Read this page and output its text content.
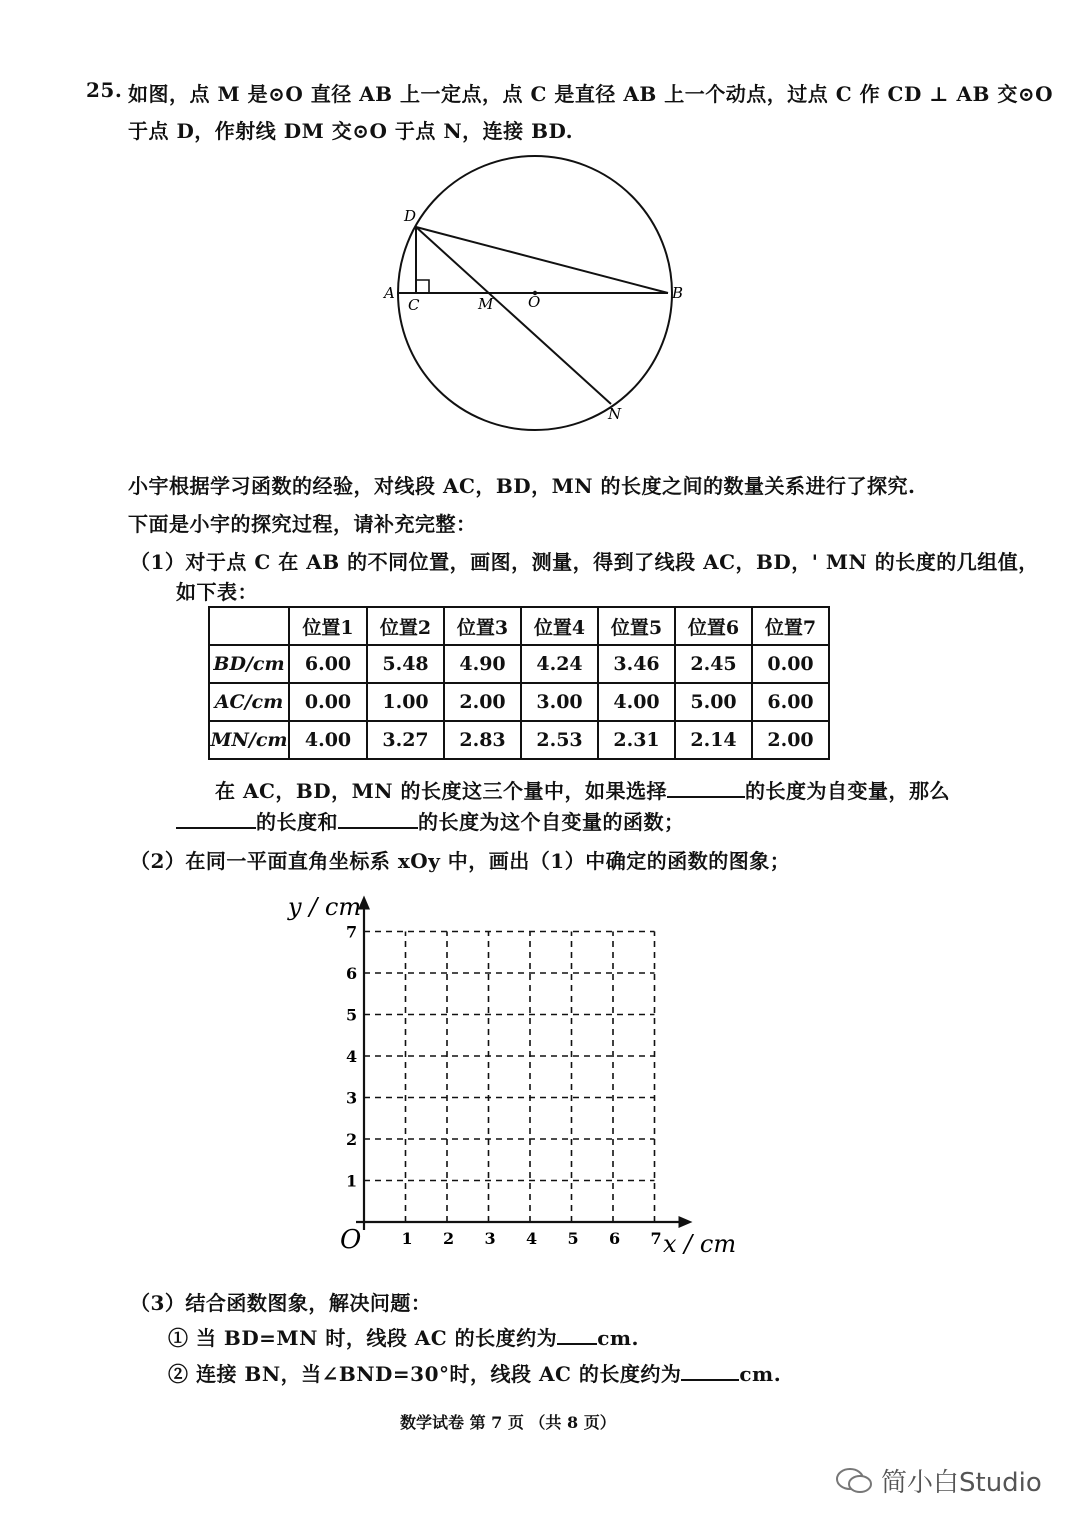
25. 如图，点 M 是⊙O 直径 AB 上一定点，点 C 是直径 AB 上一个动点，过点 C 作 CD ⊥ AB 交⊙O
于点 D，作射线 DM 交⊙O 于点 N，连接 BD.
D
A
C	M O	B
N
小宇根据学习函数的经验，对线段 AC，BD，MN 的长度之间的数量关系进行了探究.
下面是小宇的探究过程，请补充完整：
（1）对于点 C 在 AB 的不同位置，画图，测量，得到了线段 AC，BD，' MN 的长度的几组值，
如下表：
	位置1	位置2	位置3	位置4	位置5	位置6	位置7
BD/cm	6.00	5.48	4.90	4.24	3.46	2.45	0.00
AC/cm	0.00	1.00	2.00	3.00	4.00	5.00	6.00
MN/cm	4.00	3.27	2.83	2.53	2.31	2.14	2.00
在 AC，BD，MN 的长度这三个量中，如果选择	的长度为自变量，那么
的长度和	的长度为这个自变量的函数；
（2）在同一平面直角坐标系 xOy 中，画出（1）中确定的函数的图象；
1 2 3 4 5 6 7
1
2
3
4
5
6
7
y / cm
x / cm
O
（3）结合函数图象，解决问题：
① 当 BD=MN 时，线段 AC 的长度约为 cm.
② 连接 BN，当∠BND=30°时，线段 AC 的长度约为	cm.
数学试卷 第 7 页 （共 8 页）
简小白Studio
